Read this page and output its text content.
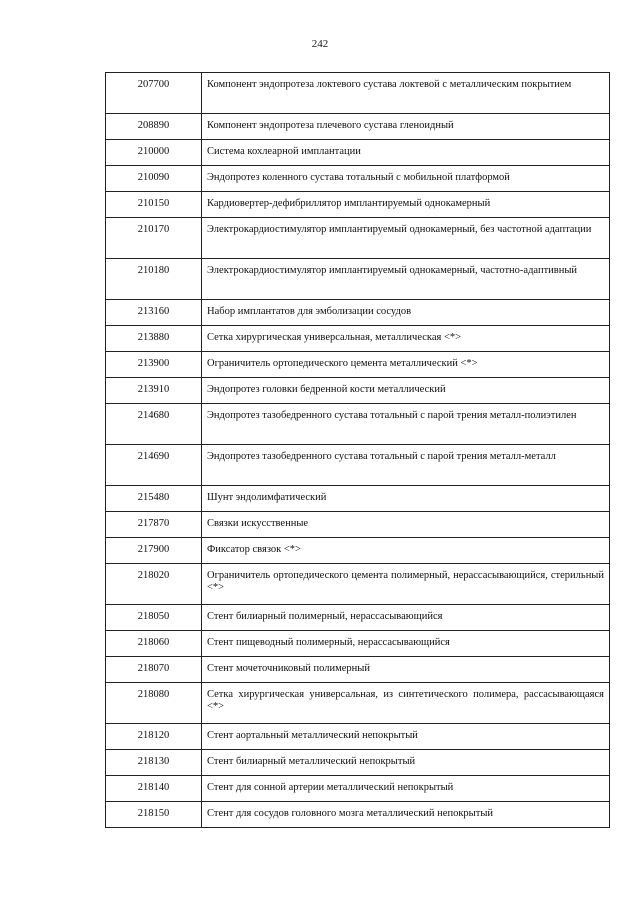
242
207700	Компонент эндопротеза локтевого сустава локтевой с металлическим покрытием
208890	Компонент эндопротеза плечевого сустава гленоидный
210000	Система кохлеарной имплантации
210090	Эндопротез коленного сустава тотальный с мобильной платформой
210150	Кардиовертер-дефибриллятор имплантируемый однокамерный
210170	Электрокардиостимулятор имплантируемый однокамерный, без частотной адаптации
210180	Электрокардиостимулятор имплантируемый однокамерный, частотно-адаптивный
213160	Набор имплантатов для эмболизации сосудов
213880	Сетка хирургическая универсальная, металлическая <*>
213900	Ограничитель ортопедического цемента металлический <*>
213910	Эндопротез головки бедренной кости металлический
214680	Эндопротез тазобедренного сустава тотальный с парой трения металл-полиэтилен
214690	Эндопротез тазобедренного сустава тотальный с парой трения металл-металл
215480	Шунт эндолимфатический
217870	Связки искусственные
217900	Фиксатор связок <*>
218020	Ограничитель ортопедического цемента полимерный, нерассасывающийся, стерильный <*>
218050	Стент билиарный полимерный, нерассасывающийся
218060	Стент пищеводный полимерный, нерассасывающийся
218070	Стент мочеточниковый полимерный
218080	Сетка хирургическая универсальная, из синтетического полимера, рассасывающаяся <*>
218120	Стент аортальный металлический непокрытый
218130	Стент билиарный металлический непокрытый
218140	Стент для сонной артерии металлический непокрытый
218150	Стент для сосудов головного мозга металлический непокрытый
